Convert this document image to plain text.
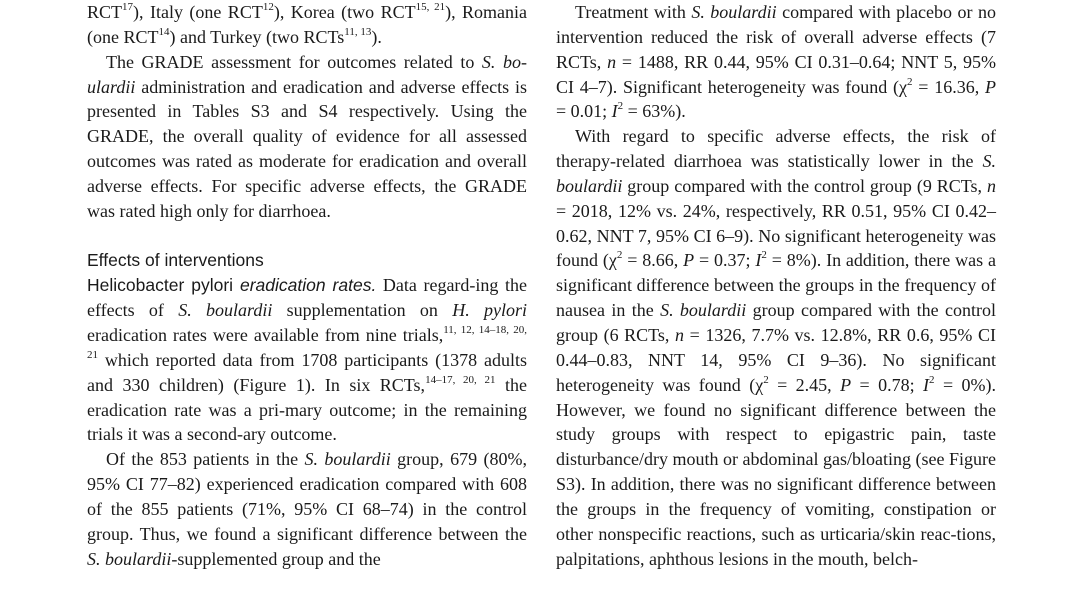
RCT$^{17}$), Italy (one RCT$^{12}$), Korea (two RCT$^{15, 21}$), Romania (one RCT$^{14}$) and Turkey (two RCTs$^{11, 13}$).

The GRADE assessment for outcomes related to S. bo-ulardii administration and eradication and adverse effects is presented in Tables S3 and S4 respectively. Using the GRADE, the overall quality of evidence for all assessed outcomes was rated as moderate for eradication and overall adverse effects. For specific adverse effects, the GRADE was rated high only for diarrhoea.

Effects of interventions

Helicobacter pylori eradication rates. Data regard-ing the effects of S. boulardii supplementation on H. pylori eradication rates were available from nine trials,$^{11, 12, 14-18, 20, 21}$ which reported data from 1708 participants (1378 adults and 330 children) (Figure 1). In six RCTs,$^{14-17, 20, 21}$ the eradication rate was a pri-mary outcome; in the remaining trials it was a second-ary outcome.

Of the 853 patients in the S. boulardii group, 679 (80%, 95% CI 77–82) experienced eradication compared with 608 of the 855 patients (71%, 95% CI 68–74) in the control group. Thus, we found a significant difference between the S. boulardii-supplemented group and the

Treatment with S. boulardii compared with placebo or no intervention reduced the risk of overall adverse effects (7 RCTs, n = 1488, RR 0.44, 95% CI 0.31–0.64; NNT 5, 95% CI 4–7). Significant heterogeneity was found ($\chi^2 = 16.36$, P = 0.01; $I^2 = 63\%$).

With regard to specific adverse effects, the risk of therapy-related diarrhoea was statistically lower in the S. boulardii group compared with the control group (9 RCTs, n = 2018, 12% vs. 24%, respectively, RR 0.51, 95% CI 0.42–0.62, NNT 7, 95% CI 6–9). No significant heterogeneity was found ($\chi^2 = 8.66$, P = 0.37; $I^2 = 8\%$). In addition, there was a significant difference between the groups in the frequency of nausea in the S. boulardii group compared with the control group (6 RCTs, n = 1326, 7.7% vs. 12.8%, RR 0.6, 95% CI 0.44–0.83, NNT 14, 95% CI 9–36). No significant heterogeneity was found ($\chi^2 = 2.45$, P = 0.78; $I^2 = 0\%$). However, we found no significant difference between the study groups with respect to epigastric pain, taste disturbance/dry mouth or abdominal gas/bloating (see Figure S3). In addition, there was no significant difference between the groups in the frequency of vomiting, constipation or other nonspecific reactions, such as urticaria/skin reac-tions, palpitations, aphthous lesions in the mouth, belch-
